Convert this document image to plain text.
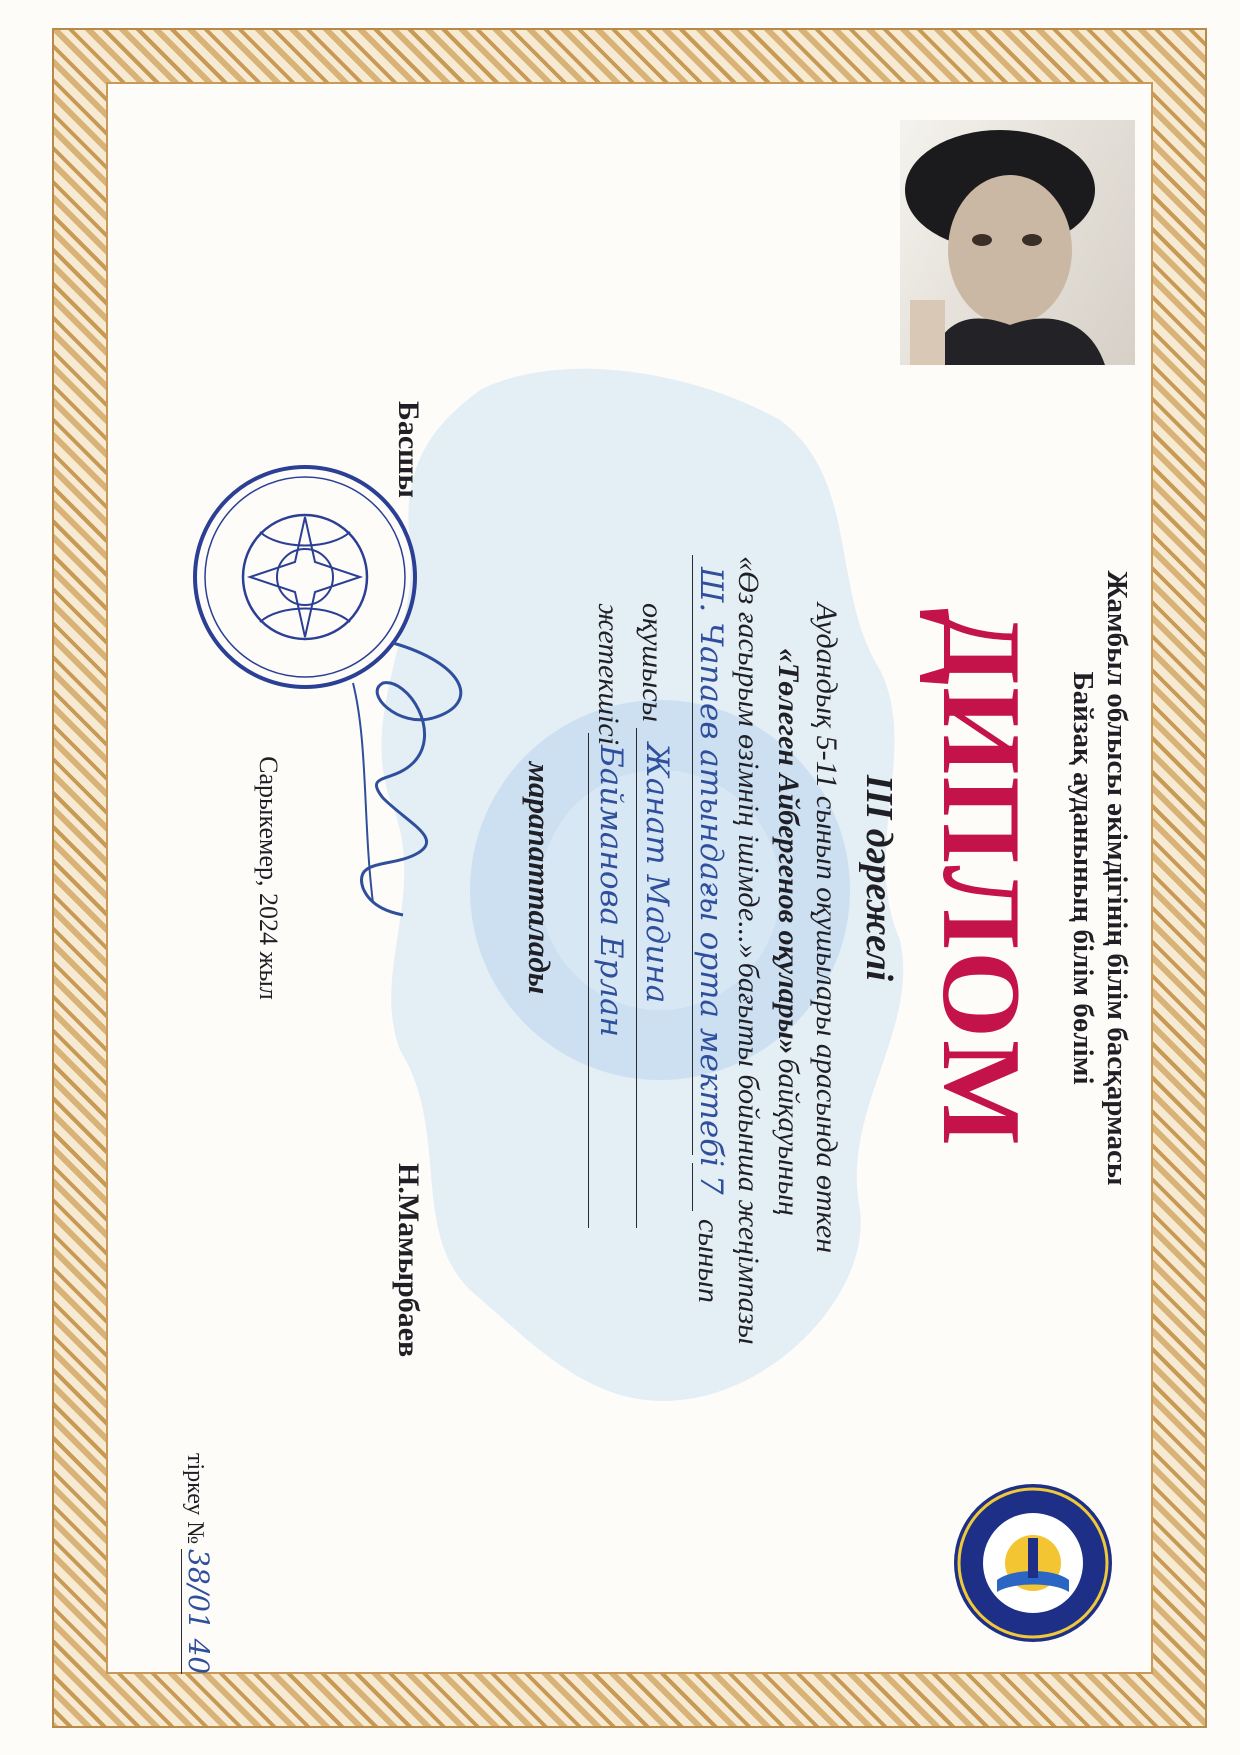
Жамбыл облысы әкімдігінің білім басқармасы
Байзақ ауданының білім бөлімі
ДИПЛОМ
ІІІ дәрежелі
Аудандық 5-11 сынып оқушылары арасында өткен
«Төлеген Айбергенов оқулары» байқауының
«Өз ғасырым өзімнің ішімде...» бағыты бойынша жеңімпазы
Ш. Чапаев атындағы орта мектебі
7
сынып
оқушысы
Жанат Мадина
жетекшісі
Байманова Ерлан
марапатталады
Басшы
Н.Мамырбаев
Сарыкемер, 2024 жыл
тіркеу №
38/01 40
